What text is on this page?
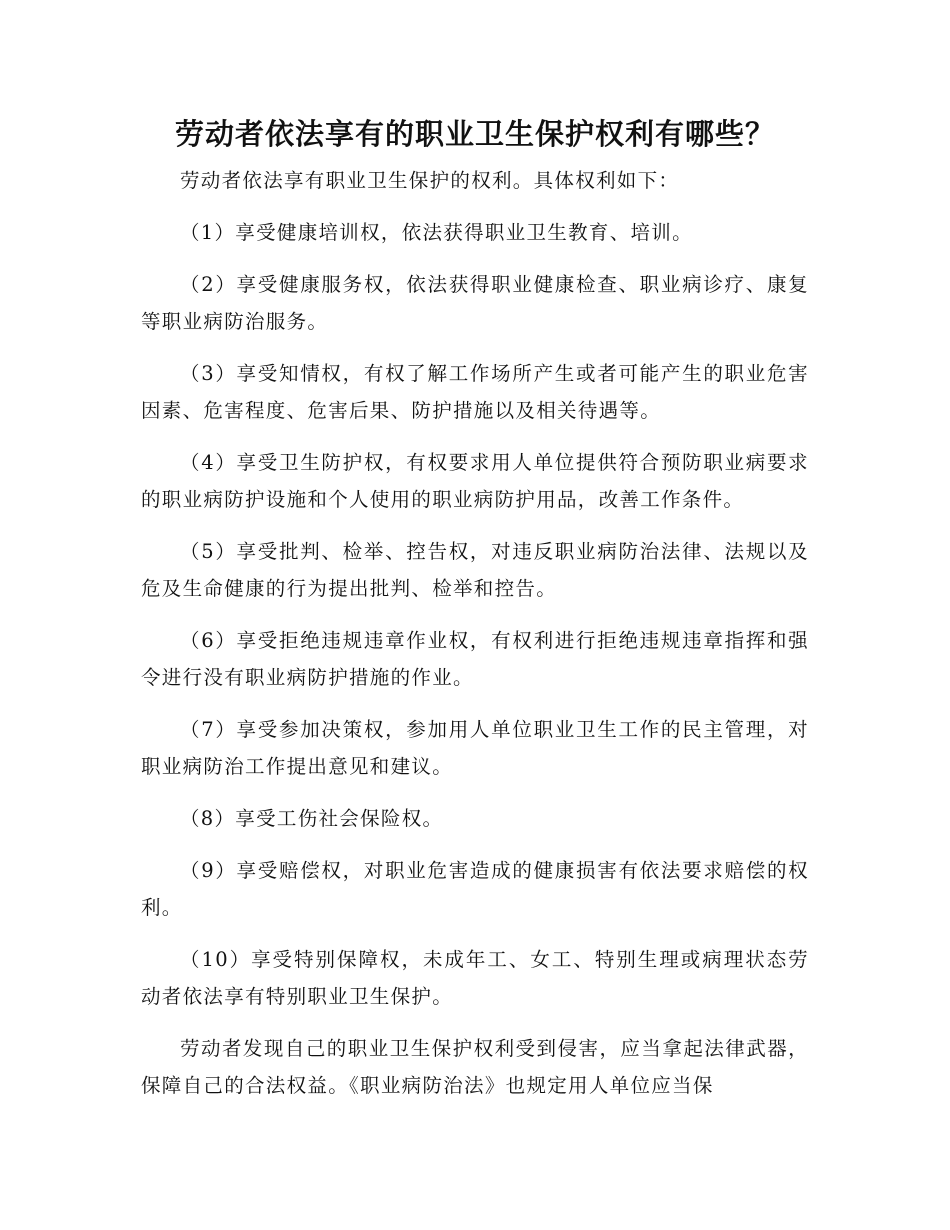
劳动者依法享有的职业卫生保护权利有哪些？

劳动者依法享有职业卫生保护的权利。具体权利如下：

（1）享受健康培训权，依法获得职业卫生教育、培训。

（2）享受健康服务权，依法获得职业健康检查、职业病诊疗、康复等职业病防治服务。

（3）享受知情权，有权了解工作场所产生或者可能产生的职业危害因素、危害程度、危害后果、防护措施以及相关待遇等。

（4）享受卫生防护权，有权要求用人单位提供符合预防职业病要求的职业病防护设施和个人使用的职业病防护用品，改善工作条件。

（5）享受批判、检举、控告权，对违反职业病防治法律、法规以及危及生命健康的行为提出批判、检举和控告。

（6）享受拒绝违规违章作业权，有权利进行拒绝违规违章指挥和强令进行没有职业病防护措施的作业。

（7）享受参加决策权，参加用人单位职业卫生工作的民主管理，对职业病防治工作提出意见和建议。

（8）享受工伤社会保险权。

（9）享受赔偿权，对职业危害造成的健康损害有依法要求赔偿的权利。

（10）享受特别保障权，未成年工、女工、特别生理或病理状态劳动者依法享有特别职业卫生保护。

劳动者发现自己的职业卫生保护权利受到侵害，应当拿起法律武器，保障自己的合法权益。《职业病防治法》也规定用人单位应当保
